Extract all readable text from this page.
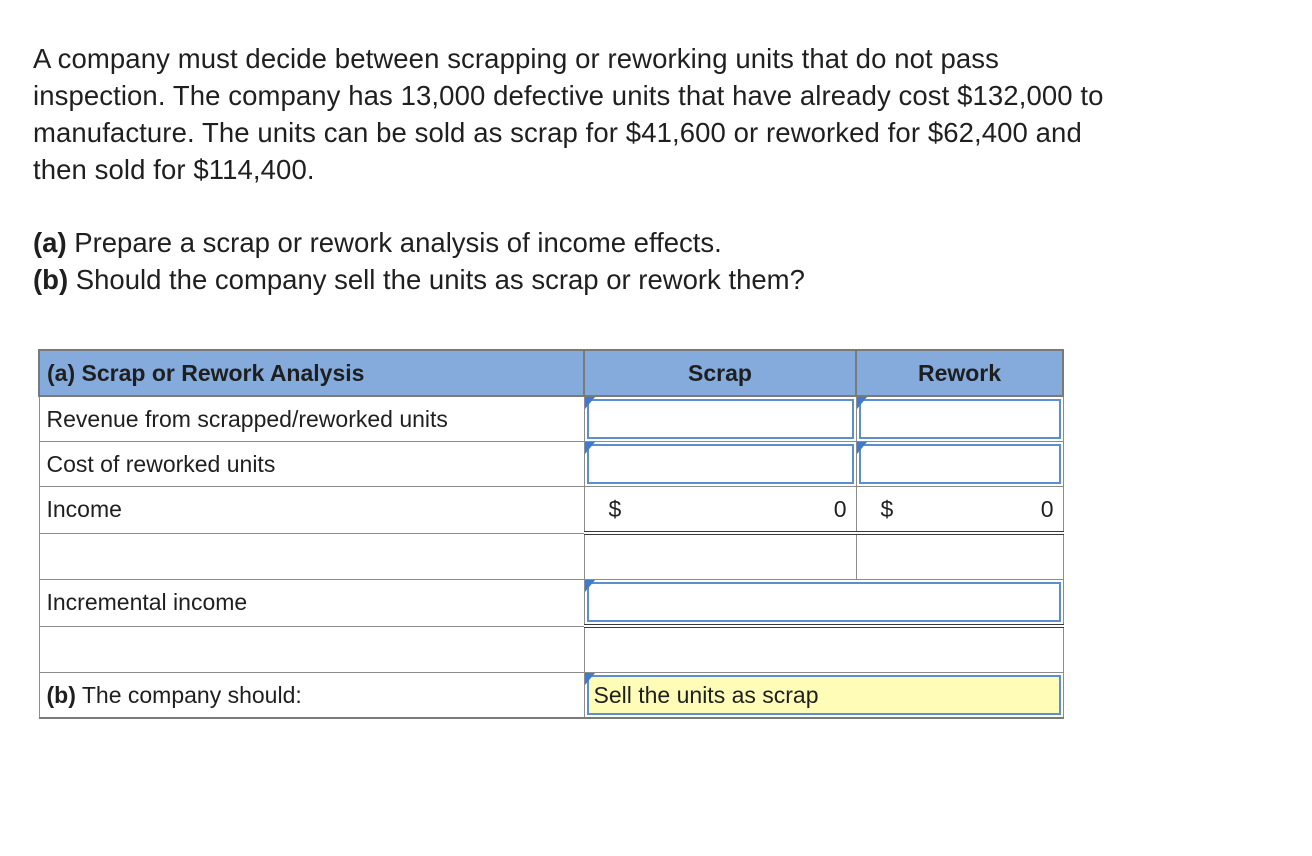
A company must decide between scrapping or reworking units that do not pass

inspection. The company has 13,000 defective units that have already cost $132,000 to

manufacture. The units can be sold as scrap for $41,600 or reworked for $62,400 and

then sold for $114,400.

(a) Prepare a scrap or rework analysis of income effects.

(b) Should the company sell the units as scrap or rework them?

(a) Scrap or Rework Analysis	Scrap	Rework
Revenue from scrapped/reworked units	

Cost of reworked units	

Income	$ 0	$ 0

Incremental income		

(b) The company should:	Sell the units as scrap	
